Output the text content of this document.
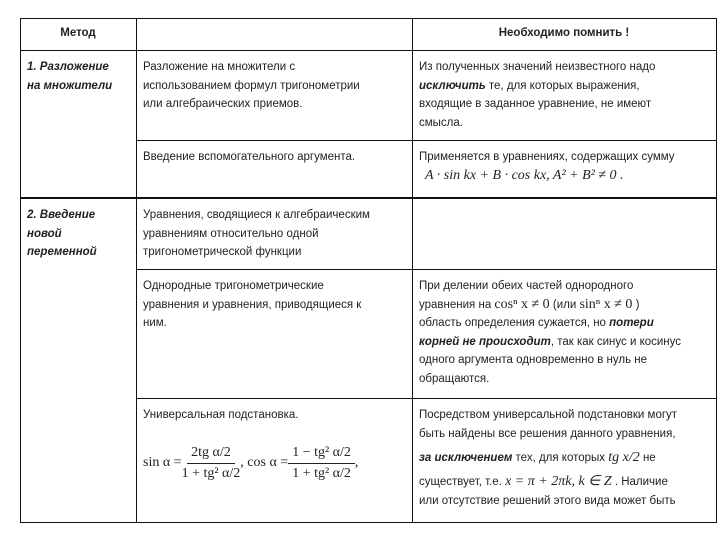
Метод	Необходимо помнить !
1. Разложение
на множители
Разложение на множители с
использованием формул тригонометрии
или алгебраических приемов.
Из полученных значений неизвестного надо
исключить те, для которых выражения,
входящие в заданное уравнение, не имеют
смысла.
Введение вспомогательного аргумента.	Применяется в уравнениях, содержащих сумму
A · sin kx + B · cos kx, A² + B² ≠ 0 .
2. Введение
новой
переменной
Уравнения, сводящиеся к алгебраическим
уравнениям относительно одной
тригонометрической функции
Однородные тригонометрические
уравнения и уравнения, приводящиеся к
ним.
При делении обеих частей однородного
уравнения на cosⁿ x ≠ 0 (или sinⁿ x ≠ 0 )
область определения сужается, но потери
корней не происходит, так как синус и косинус
одного аргумента одновременно в нуль не
обращаются.
Универсальная подстановка.
$\sin \alpha = \frac{\text{2tg α/2}}{\text{1 + tg² α/2}}$ , $\cos \alpha = \frac{\text{1 − tg² α/2}}{\text{1 + tg² α/2}}$ ,
Посредством универсальной подстановки могут
быть найдены все решения данного уравнения,
за исключением тех, для которых tg x/2 не
существует, т.е. x = π + 2πk, k ∈ Z . Наличие
или отсутствие решений этого вида может быть
